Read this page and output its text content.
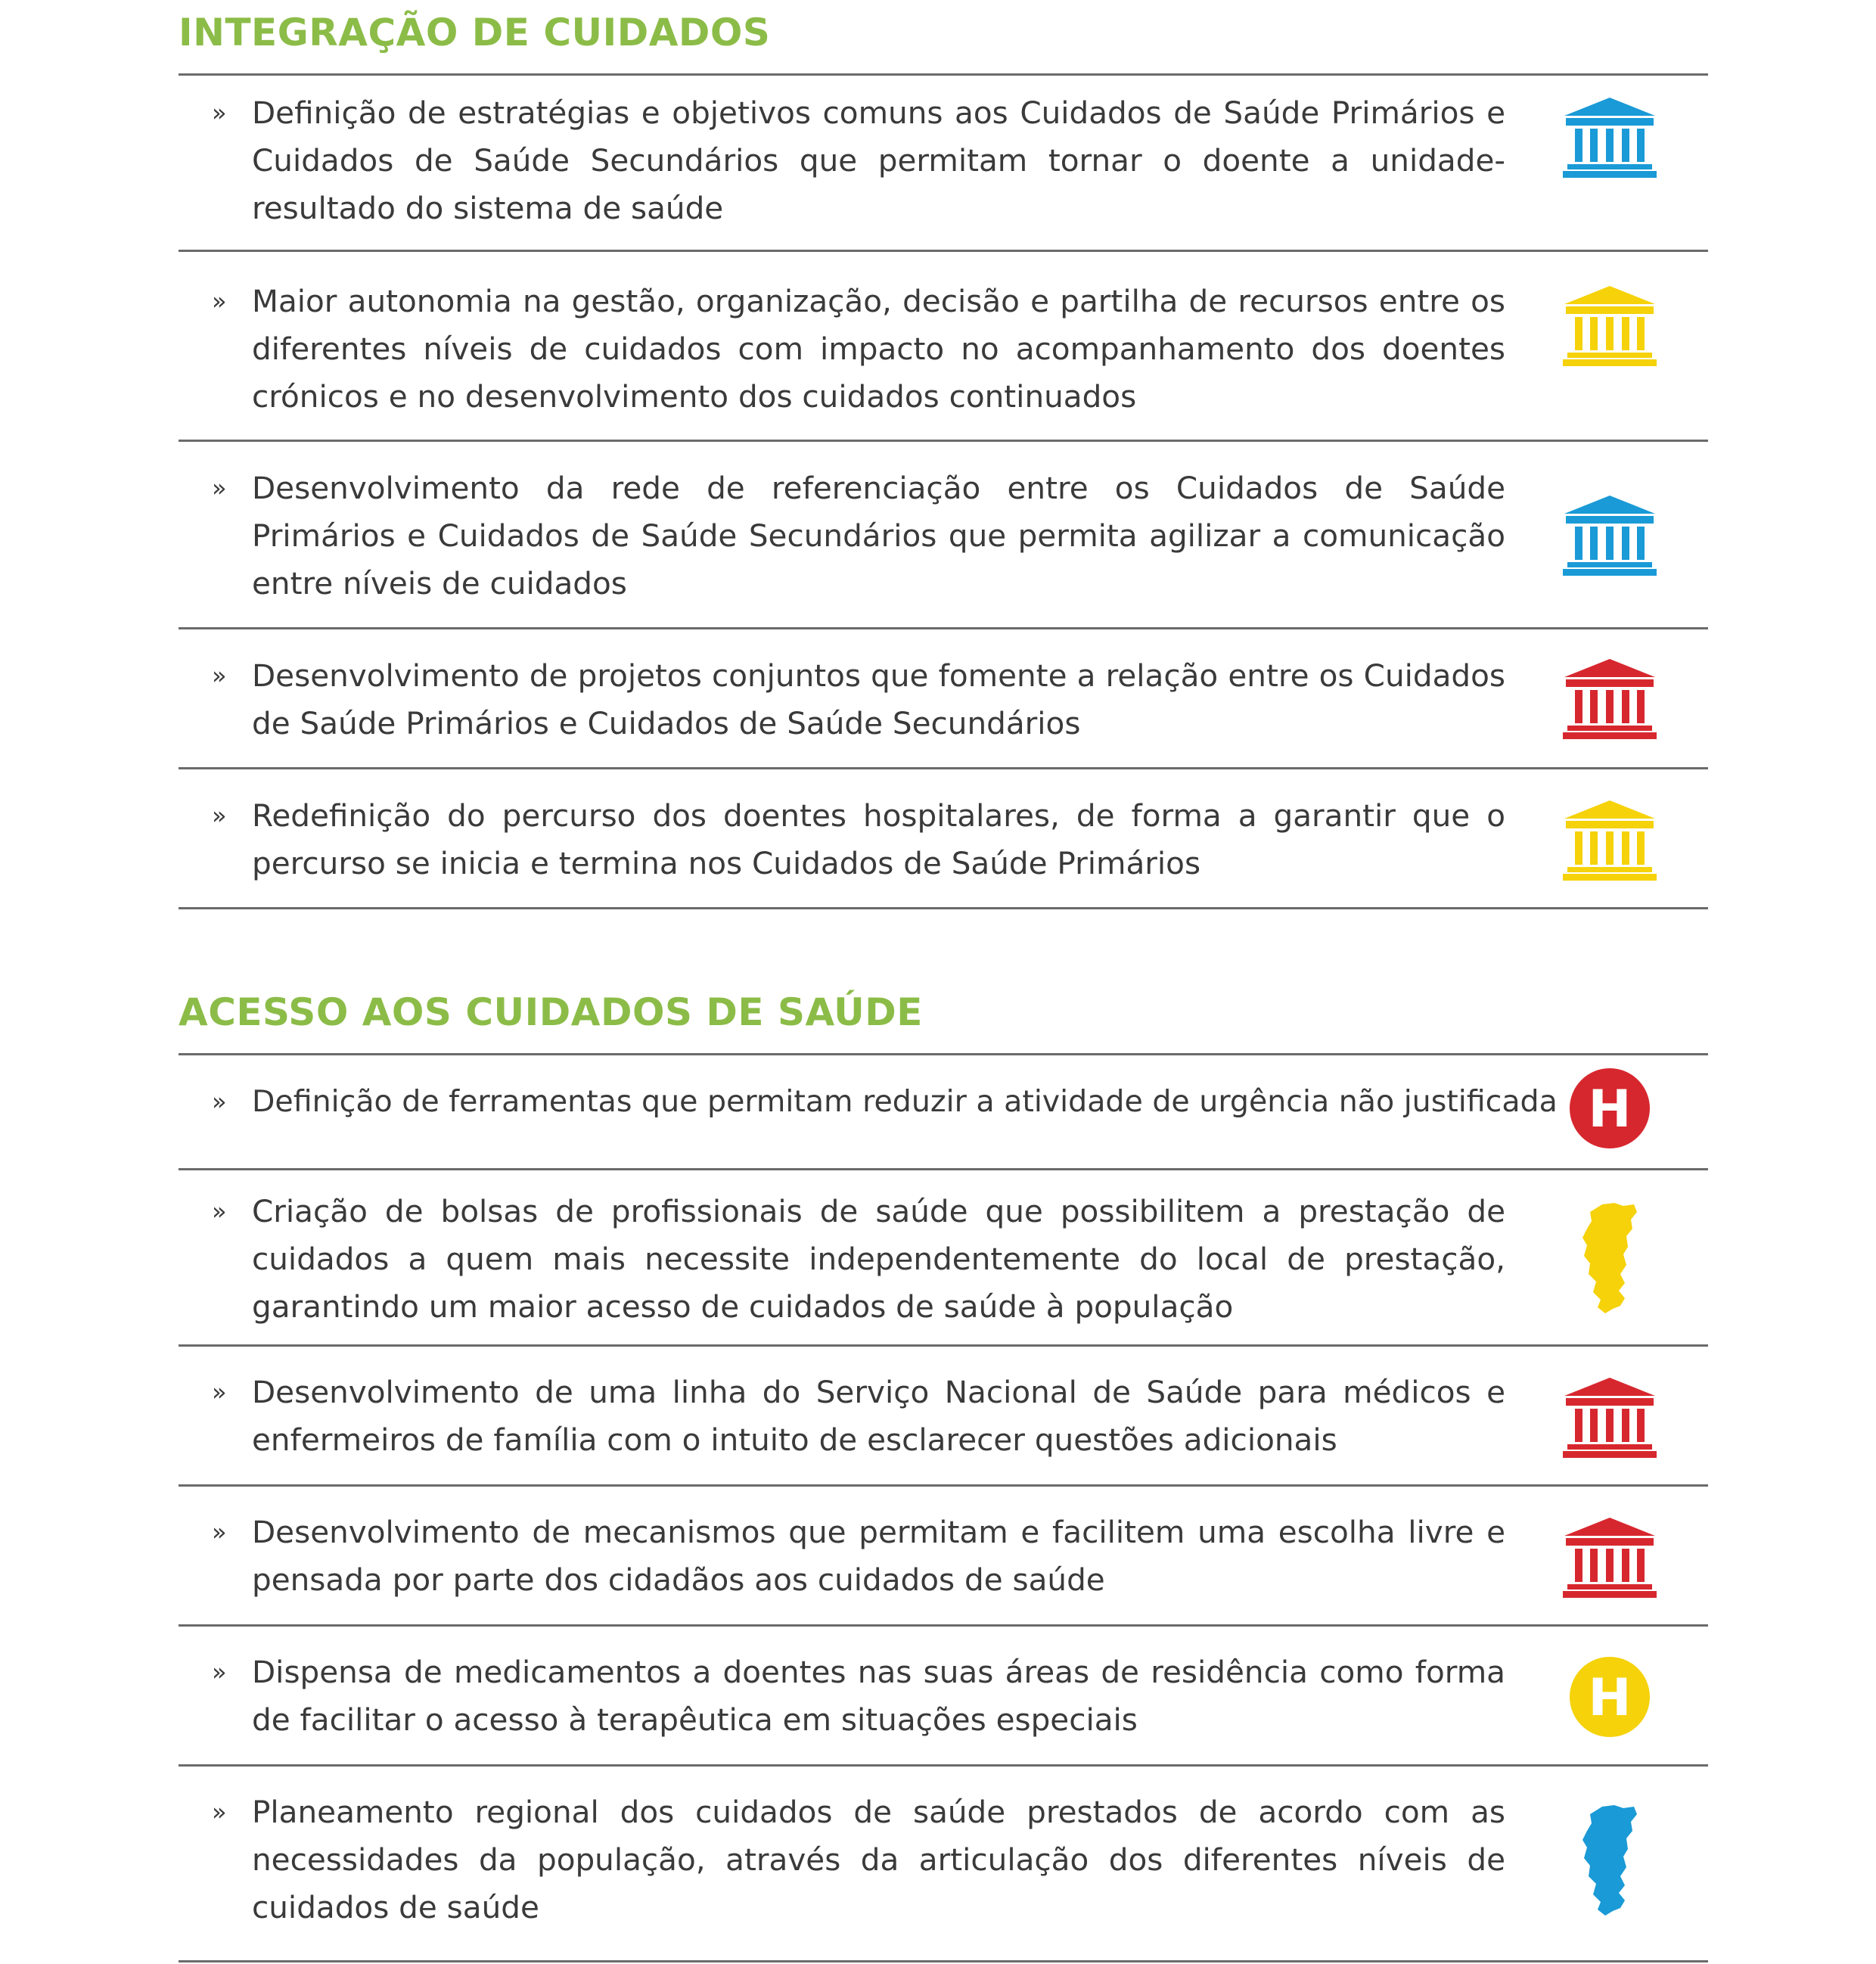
INTEGRAÇÃO DE CUIDADOS
» Definição de estratégias e objetivos comuns aos Cuidados de Saúde Primários e Cuidados de Saúde Secundários que permitam tornar o doente a unidade-resultado do sistema de saúde

» Maior autonomia na gestão, organização, decisão e partilha de recursos entre os diferentes níveis de cuidados com impacto no acompanhamento dos doentes crónicos e no desenvolvimento dos cuidados continuados

» Desenvolvimento da rede de referenciação entre os Cuidados de Saúde Primários e Cuidados de Saúde Secundários que permita agilizar a comunicação entre níveis de cuidados

» Desenvolvimento de projetos conjuntos que fomente a relação entre os Cuidados de Saúde Primários e Cuidados de Saúde Secundários

» Redefinição do percurso dos doentes hospitalares, de forma a garantir que o percurso se inicia e termina nos Cuidados de Saúde Primários

ACESSO AOS CUIDADOS DE SAÚDE
» Definição de ferramentas que permitam reduzir a atividade de urgência não justificada H
» Criação de bolsas de profissionais de saúde que possibilitem a prestação de cuidados a quem mais necessite independentemente do local de prestação, garantindo um maior acesso de cuidados de saúde à população

» Desenvolvimento de uma linha do Serviço Nacional de Saúde para médicos e enfermeiros de família com o intuito de esclarecer questões adicionais

» Desenvolvimento de mecanismos que permitam e facilitem uma escolha livre e pensada por parte dos cidadãos aos cuidados de saúde

» Dispensa de medicamentos a doentes nas suas áreas de residência como forma de facilitar o acesso à terapêutica em situações especiais	H
» Planeamento regional dos cuidados de saúde prestados de acordo com as necessidades da população, através da articulação dos diferentes níveis de cuidados de saúde
